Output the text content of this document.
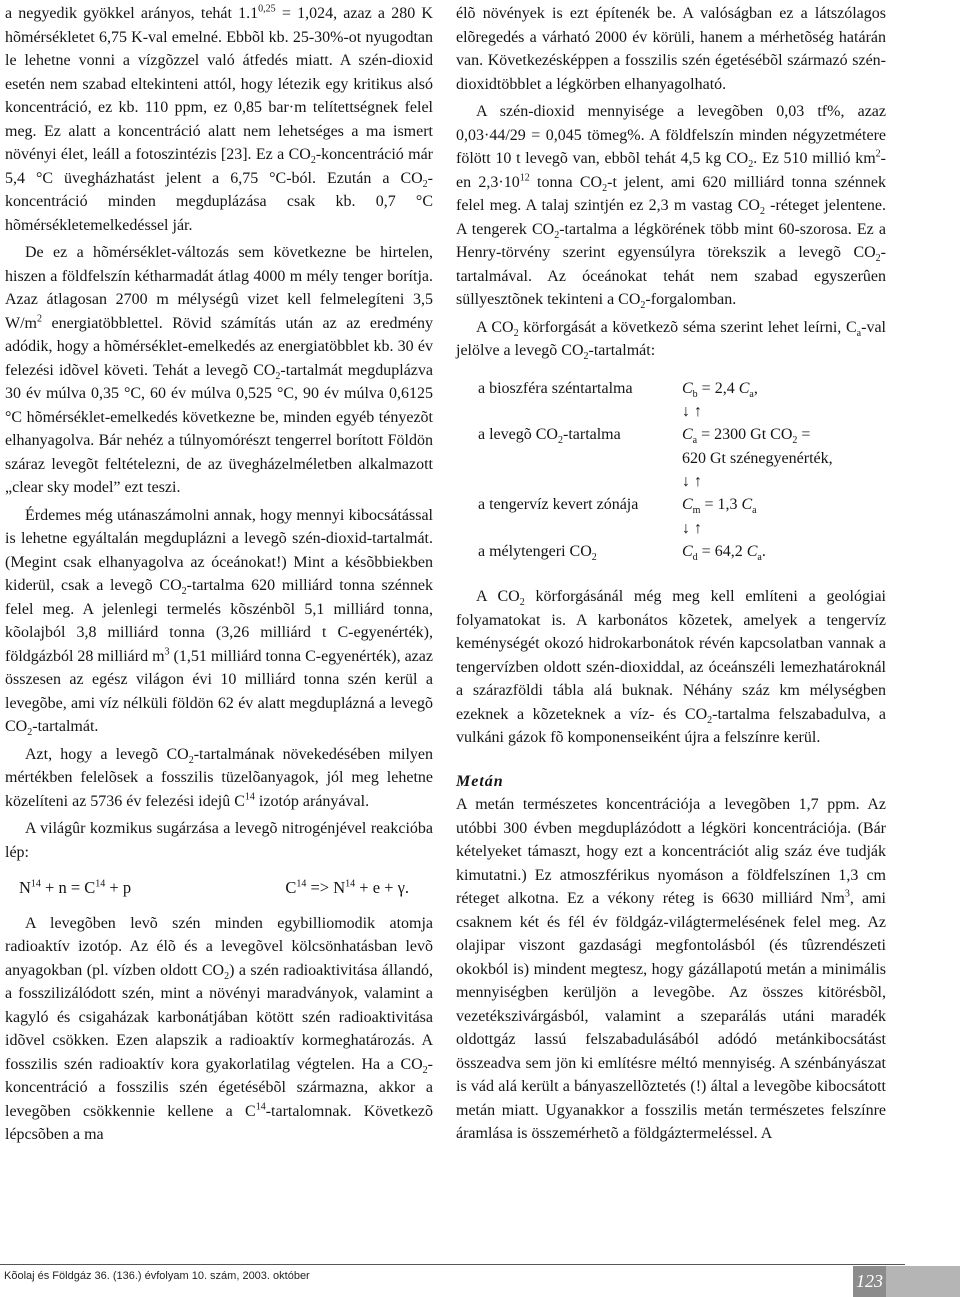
a negyedik gyökkel arányos, tehát $1.1^{0,25} = 1,024$, azaz a 280 K hõmérsékletet 6,75 K-val emelné. Ebbõl kb. 25-30%-ot nyugodtan le lehetne vonni a vízgõzzel való átfedés miatt. A szén-dioxid esetén nem szabad eltekinteni attól, hogy létezik egy kritikus alsó koncentráció, ez kb. 110 ppm, ez 0,85 bar·m telítettségnek felel meg. Ez alatt a koncentráció alatt nem lehetséges a ma ismert növényi élet, leáll a fotoszintézis [23]. Ez a $CO_2$-koncentráció már 5,4 °C üvegházhatást jelent a 6,75 °C-ból. Ezután a $CO_2$-koncentráció minden megduplázása csak kb. 0,7 °C hõmérsékletemelkedéssel jár.

De ez a hõmérséklet-változás sem következne be hirtelen, hiszen a földfelszín kétharmadát átlag 4000 m mély tenger borítja. Azaz átlagosan 2700 m mélységû vizet kell felmelegíteni 3,5 $W/m^2$ energiatöbblettel. Rövid számítás után az az eredmény adódik, hogy a hõmérséklet-emelkedés az energiatöbblet kb. 30 év felezési idõvel követi. Tehát a levegõ $CO_2$-tartalmát megduplázva 30 év múlva 0,35 °C, 60 év múlva 0,525 °C, 90 év múlva 0,6125 °C hõmérséklet-emelkedés következne be, minden egyéb tényezõt elhanyagolva. Bár nehéz a túlnyomórészt tengerrel borított Földön száraz levegõt feltételezni, de az üvegházelméletben alkalmazott „clear sky model” ezt teszi.

Érdemes még utánaszámolni annak, hogy mennyi kibocsátással is lehetne egyáltalán megduplázni a levegõ szén-dioxid-tartalmát. (Megint csak elhanyagolva az óceánokat!) Mint a késõbbiekben kiderül, csak a levegõ $CO_2$-tartalma 620 milliárd tonna szénnek felel meg. A jelenlegi termelés kõszénbõl 5,1 milliárd tonna, kõolajból 3,8 milliárd tonna (3,26 milliárd t C-egyenérték), földgázból 28 milliárd $m^3$ (1,51 milliárd tonna C-egyenérték), azaz összesen az egész világon évi 10 milliárd tonna szén kerül a levegõbe, ami víz nélküli földön 62 év alatt megduplázná a levegõ $CO_2$-tartalmát.

Azt, hogy a levegõ $CO_2$-tartalmának növekedésében milyen mértékben felelõsek a fosszilis tüzelõanyagok, jól meg lehetne közelíteni az 5736 év felezési idejû $C^{14}$ izotóp arányával.

A világûr kozmikus sugárzása a levegõ nitrogénjével reakcióba lép:

$N^{14} + n = C^{14} + p$	$C^{14} => N^{14} + e + \gamma$.

A levegõben levõ szén minden egybilliomodik atomja radioaktív izotóp. Az élõ és a levegõvel kölcsönhatásban levõ anyagokban (pl. vízben oldott $CO_2$) a szén radioaktivitása állandó, a fosszilizálódott szén, mint a növényi maradványok, valamint a kagyló és csigaházak karbonátjában kötött szén radioaktivitása idõvel csökken. Ezen alapszik a radioaktív kormeghatározás. A fosszilis szén radioaktív kora gyakorlatilag végtelen. Ha a $CO_2$-koncentráció a fosszilis szén égetésébõl származna, akkor a levegõben csökkennie kellene a $C^{14}$-tartalomnak. Következõ lépcsõben a ma

élõ növények is ezt építenék be. A valóságban ez a látszólagos elõregedés a várható 2000 év körüli, hanem a mérhetõség határán van. Következésképpen a fosszilis szén égetésébõl származó szén-dioxidtöbblet a légkörben elhanyagolható.

A szén-dioxid mennyisége a levegõben 0,03 tf%, azaz 0,03·44/29 = 0,045 tömeg%. A földfelszín minden négyzetmétere fölött 10 t levegõ van, ebbõl tehát 4,5 kg $CO_2$. Ez 510 millió $km^2-en$ $2,3\cdot 10^{12}$ tonna $CO_2-t$ jelent, ami 620 milliárd tonna szénnek felel meg. A talaj szintjén ez 2,3 m vastag $CO_2$ -réteget jelentene. A tengerek $CO_2$-tartalma a légkörének több mint 60-szorosa. Ez a Henry-törvény szerint egyensúlyra törekszik a levegõ $CO_2$-tartalmával. Az óceánokat tehát nem szabad egyszerûen süllyesztõnek tekinteni a $CO_2$-forgalomban.

A $CO_2$ körforgását a következõ séma szerint lehet leírni, $C_a$-val jelölve a levegõ $CO_2$-tartalmát:

a bioszféra széntartalma	$C_b = 2,4$ $C_a$,
↓↑
a levegõ $CO_2$-tartalma	$C_a = 2300$ Gt $CO_2$ =
620 Gt szénegyenérték,
↓↑
a tengervíz kevert zónája	$C_m = 1,3$ $C_a$
↓↑
a mélytengeri $CO_2$	$C_d = 64,2$ $C_a$.

A $CO_2$ körforgásánál még meg kell említeni a geológiai folyamatokat is. A karbonátos kõzetek, amelyek a tengervíz keménységét okozó hidrokarbonátok révén kapcsolatban vannak a tengervízben oldott szén-dioxiddal, az óceánszéli lemezhatároknál a szárazföldi tábla alá buknak. Néhány száz km mélységben ezeknek a kõzeteknek a víz- és $CO_2$-tartalma felszabadulva, a vulkáni gázok fõ komponenseiként újra a felszínre kerül.

Metán

A metán természetes koncentrációja a levegõben 1,7 ppm. Az utóbbi 300 évben megduplázódott a légköri koncentrációja. (Bár kételyeket támaszt, hogy ezt a koncentrációt alig száz éve tudják kimutatni.) Ez atmoszférikus nyomáson a földfelszínen 1,3 cm réteget alkotna. Ez a vékony réteg is 6630 milliárd Nm$^3$, ami csaknem két és fél év földgáz-világtermelésének felel meg. Az olajipar viszont gazdasági megfontolásból (és tûzrendészeti okokból is) mindent megtesz, hogy gázállapotú metán a minimális mennyiségben kerüljön a levegõbe. Az összes kitörésbõl, vezetékszivárgásból, valamint a szeparálás utáni maradék oldottgáz lassú felszabadulásából adódó metánkibocsátást összeadva sem jön ki említésre méltó mennyiség. A szénbányászat is vád alá került a bányaszellõztetés (!) által a levegõbe kibocsátott metán miatt. Ugyanakkor a fosszilis metán természetes felszínre áramlása is összemérhetõ a földgáztermeléssel. A

Kõolaj és Földgáz 36. (136.) évfolyam 10. szám, 2003. október	123
